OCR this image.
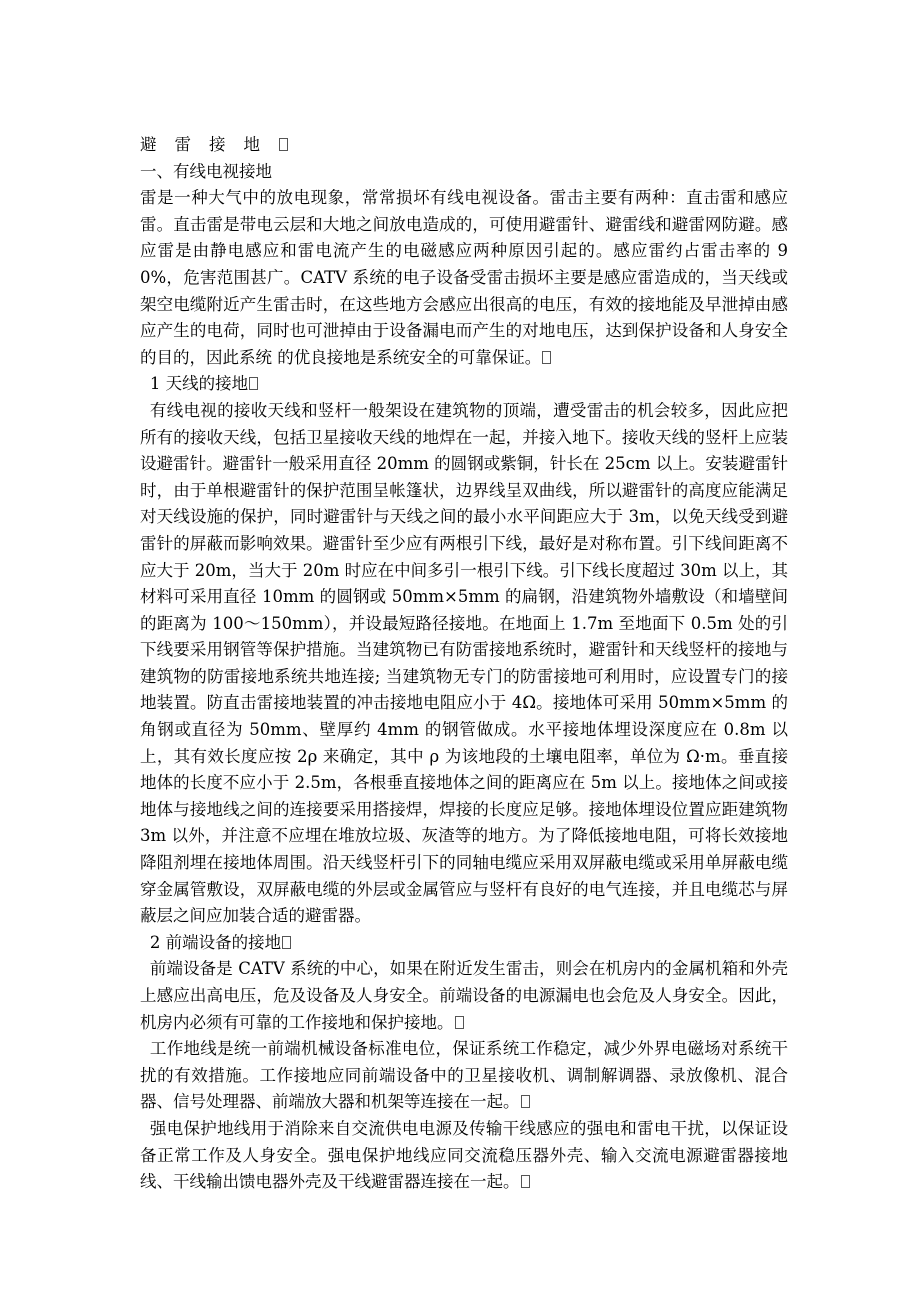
避 雷 接 地

一、有线电视接地

雷是一种大气中的放电现象，常常损坏有线电视设备。雷击主要有两种：直击雷和感应雷。直击雷是带电云层和大地之间放电造成的，可使用避雷针、避雷线和避雷网防避。感应雷是由静电感应和雷电流产生的电磁感应两种原因引起的。感应雷约占雷击率的 90%，危害范围甚广。CATV 系统的电子设备受雷击损坏主要是感应雷造成的，当天线或架空电缆附近产生雷击时，在这些地方会感应出很高的电压，有效的接地能及早泄掉由感应产生的电荷，同时也可泄掉由于设备漏电而产生的对地电压，达到保护设备和人身安全的目的，因此系统 的优良接地是系统安全的可靠保证。

1 天线的接地

有线电视的接收天线和竖杆一般架设在建筑物的顶端，遭受雷击的机会较多，因此应把所有的接收天线，包括卫星接收天线的地焊在一起，并接入地下。接收天线的竖杆上应装设避雷针。避雷针一般采用直径 20mm 的圆钢或紫铜，针长在 25cm 以上。安装避雷针时，由于单根避雷针的保护范围呈帐篷状，边界线呈双曲线，所以避雷针的高度应能满足对天线设施的保护，同时避雷针与天线之间的最小水平间距应大于 3m，以免天线受到避雷针的屏蔽而影响效果。避雷针至少应有两根引下线，最好是对称布置。引下线间距离不应大于 20m，当大于 20m 时应在中间多引一根引下线。引下线长度超过 30m 以上，其材料可采用直径 10mm 的圆钢或 50mm×5mm 的扁钢，沿建筑物外墙敷设（和墙壁间的距离为 100～150mm），并设最短路径接地。在地面上 1.7m 至地面下 0.5m 处的引下线要采用钢管等保护措施。当建筑物已有防雷接地系统时，避雷针和天线竖杆的接地与建筑物的防雷接地系统共地连接; 当建筑物无专门的防雷接地可利用时，应设置专门的接地装置。防直击雷接地装置的冲击接地电阻应小于 4Ω。接地体可采用 50mm×5mm 的角钢或直径为 50mm、壁厚约 4mm 的钢管做成。水平接地体埋设深度应在 0.8m 以上，其有效长度应按 2ρ 来确定，其中 ρ 为该地段的土壤电阻率，单位为 Ω·m。垂直接地体的长度不应小于 2.5m，各根垂直接地体之间的距离应在 5m 以上。接地体之间或接地体与接地线之间的连接要采用搭接焊，焊接的长度应足够。接地体埋设位置应距建筑物 3m 以外，并注意不应埋在堆放垃圾、灰渣等的地方。为了降低接地电阻，可将长效接地降阻剂埋在接地体周围。沿天线竖杆引下的同轴电缆应采用双屏蔽电缆或采用单屏蔽电缆穿金属管敷设，双屏蔽电缆的外层或金属管应与竖杆有良好的电气连接，并且电缆芯与屏蔽层之间应加装合适的避雷器。

2 前端设备的接地

前端设备是 CATV 系统的中心，如果在附近发生雷击，则会在机房内的金属机箱和外壳上感应出高电压，危及设备及人身安全。前端设备的电源漏电也会危及人身安全。因此，机房内必须有可靠的工作接地和保护接地。

工作地线是统一前端机械设备标准电位，保证系统工作稳定，减少外界电磁场对系统干扰的有效措施。工作接地应同前端设备中的卫星接收机、调制解调器、录放像机、混合器、信号处理器、前端放大器和机架等连接在一起。

强电保护地线用于消除来自交流供电电源及传输干线感应的强电和雷电干扰，以保证设备正常工作及人身安全。强电保护地线应同交流稳压器外壳、输入交流电源避雷器接地线、干线输出馈电器外壳及干线避雷器连接在一起。
